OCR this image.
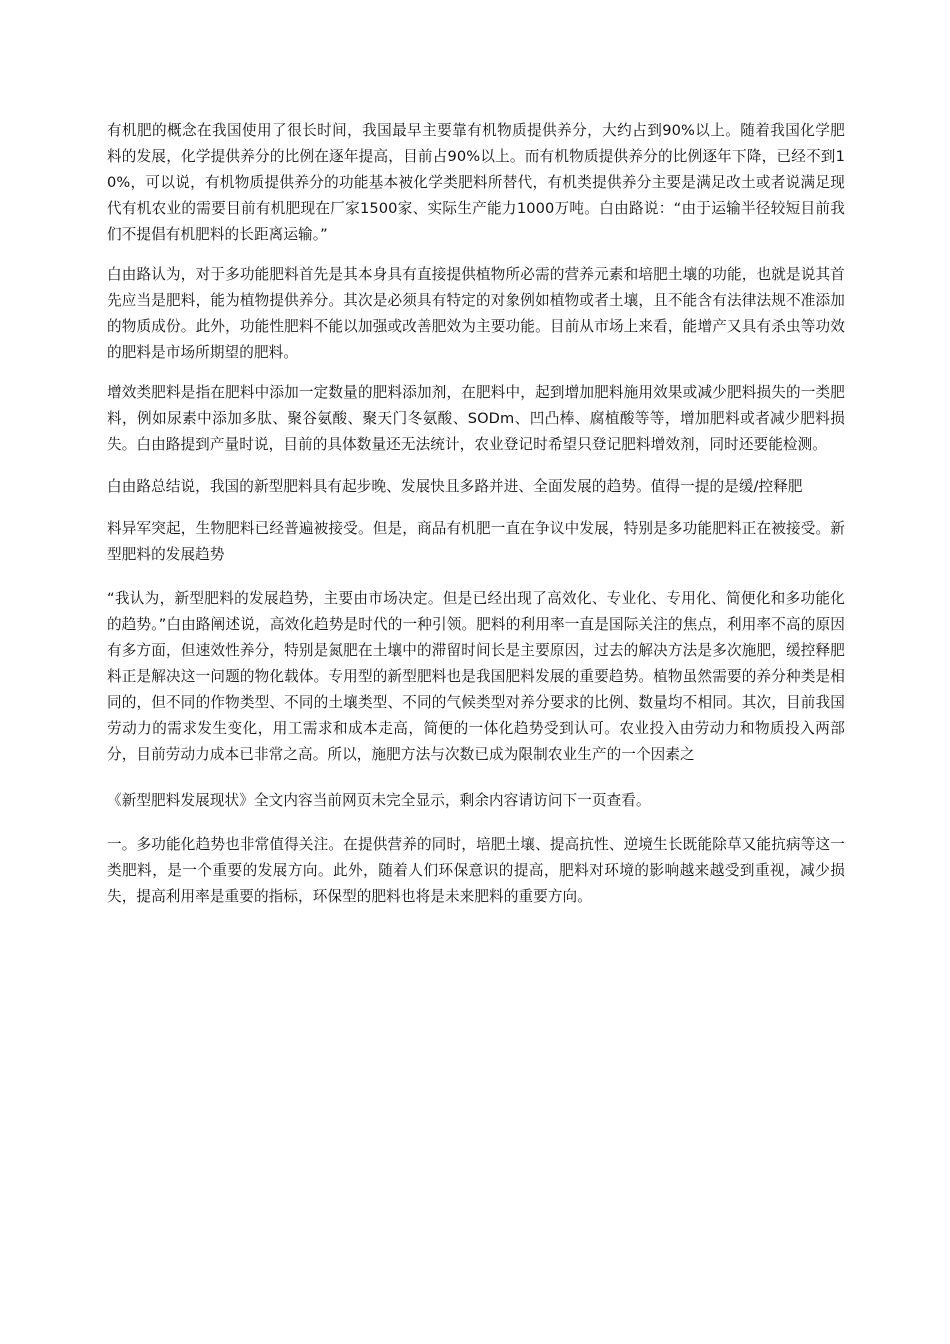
有机肥的概念在我国使用了很长时间，我国最早主要靠有机物质提供养分，大约占到90%以上。随着我国化学肥料的发展，化学提供养分的比例在逐年提高，目前占90%以上。而有机物质提供养分的比例逐年下降，已经不到10%，可以说，有机物质提供养分的功能基本被化学类肥料所替代，有机类提供养分主要是满足改土或者说满足现代有机农业的需要目前有机肥现在厂家1500家、实际生产能力1000万吨。白由路说：“由于运输半径较短目前我们不提倡有机肥料的长距离运输。”

白由路认为，对于多功能肥料首先是其本身具有直接提供植物所必需的营养元素和培肥土壤的功能，也就是说其首先应当是肥料，能为植物提供养分。其次是必须具有特定的对象例如植物或者土壤，且不能含有法律法规不准添加的物质成份。此外，功能性肥料不能以加强或改善肥效为主要功能。目前从市场上来看，能增产又具有杀虫等功效的肥料是市场所期望的肥料。

增效类肥料是指在肥料中添加一定数量的肥料添加剂，在肥料中，起到增加肥料施用效果或减少肥料损失的一类肥料，例如尿素中添加多肽、聚谷氨酸、聚天门冬氨酸、SODm、凹凸棒、腐植酸等等，增加肥料或者减少肥料损失。白由路提到产量时说，目前的具体数量还无法统计，农业登记时希望只登记肥料增效剂，同时还要能检测。

白由路总结说，我国的新型肥料具有起步晚、发展快且多路并进、全面发展的趋势。值得一提的是缓/控释肥

料异军突起，生物肥料已经普遍被接受。但是，商品有机肥一直在争议中发展，特别是多功能肥料正在被接受。新型肥料的发展趋势

“我认为，新型肥料的发展趋势，主要由市场决定。但是已经出现了高效化、专业化、专用化、简便化和多功能化的趋势。”白由路阐述说，高效化趋势是时代的一种引领。肥料的利用率一直是国际关注的焦点，利用率不高的原因有多方面，但速效性养分，特别是氮肥在土壤中的滞留时间长是主要原因，过去的解决方法是多次施肥，缓控释肥料正是解决这一问题的物化载体。专用型的新型肥料也是我国肥料发展的重要趋势。植物虽然需要的养分种类是相同的，但不同的作物类型、不同的土壤类型、不同的气候类型对养分要求的比例、数量均不相同。其次，目前我国劳动力的需求发生变化，用工需求和成本走高，简便的一体化趋势受到认可。农业投入由劳动力和物质投入两部分，目前劳动力成本已非常之高。所以，施肥方法与次数已成为限制农业生产的一个因素之

《新型肥料发展现状》全文内容当前网页未完全显示，剩余内容请访问下一页查看。

一。多功能化趋势也非常值得关注。在提供营养的同时，培肥土壤、提高抗性、逆境生长既能除草又能抗病等这一类肥料，是一个重要的发展方向。此外，随着人们环保意识的提高，肥料对环境的影响越来越受到重视，减少损失，提高利用率是重要的指标，环保型的肥料也将是未来肥料的重要方向。
